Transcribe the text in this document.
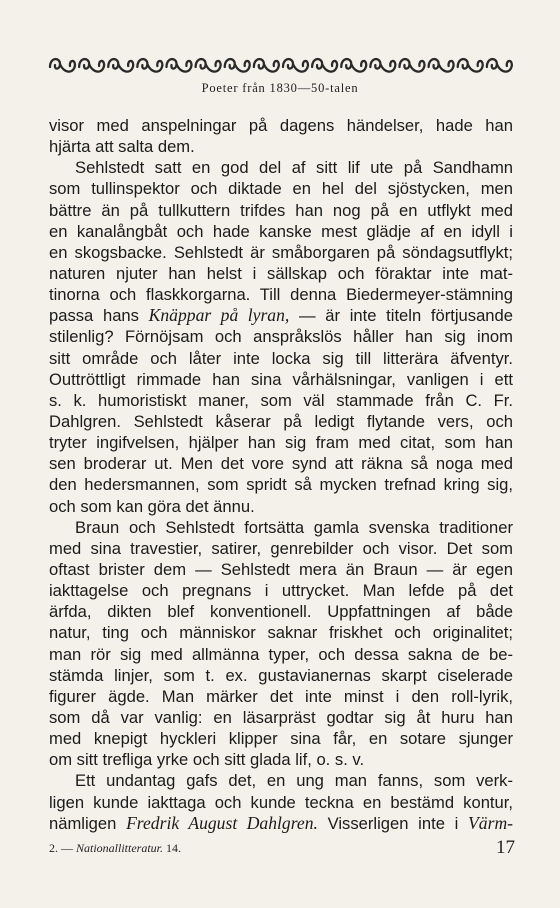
Poeter från 1830—50-talen
visor med anspelningar på dagens händelser, hade han
hjärta att salta dem.
Sehlstedt satt en god del af sitt lif ute på Sandhamn
som tullinspektor och diktade en hel del sjöstycken, men
bättre än på tullkuttern trifdes han nog på en utflykt med
en kanalångbåt och hade kanske mest glädje af en idyll i
en skogsbacke. Sehlstedt är småborgaren på söndagsutflykt;
naturen njuter han helst i sällskap och föraktar inte mat-
tinorna och flaskkorgarna. Till denna Biedermeyer-stämning
passa hans Knäppar på lyran, — är inte titeln förtjusande
stilenlig? Förnöjsam och anspråkslös håller han sig inom
sitt område och låter inte locka sig till litterära äfventyr.
Outtröttligt rimmade han sina vårhälsningar, vanligen i ett
s. k. humoristiskt maner, som väl stammade från C. Fr.
Dahlgren. Sehlstedt kåserar på ledigt flytande vers, och
tryter ingifvelsen, hjälper han sig fram med citat, som han
sen broderar ut. Men det vore synd att räkna så noga med
den hedersmannen, som spridt så mycken trefnad kring sig,
och som kan göra det ännu.
Braun och Sehlstedt fortsätta gamla svenska traditioner
med sina travestier, satirer, genrebilder och visor. Det som
oftast brister dem — Sehlstedt mera än Braun — är egen
iakttagelse och pregnans i uttrycket. Man lefde på det
ärfda, dikten blef konventionell. Uppfattningen af både
natur, ting och människor saknar friskhet och originalitet;
man rör sig med allmänna typer, och dessa sakna de be-
stämda linjer, som t. ex. gustavianernas skarpt ciselerade
figurer ägde. Man märker det inte minst i den roll-lyrik,
som då var vanlig: en läsarpräst godtar sig åt huru han
med knepigt hyckleri klipper sina får, en sotare sjunger
om sitt trefliga yrke och sitt glada lif, o. s. v.
Ett undantag gafs det, en ung man fanns, som verk-
ligen kunde iakttaga och kunde teckna en bestämd kontur,
nämligen Fredrik August Dahlgren. Visserligen inte i Värm-
2. — Nationallitteratur. 14.	17
